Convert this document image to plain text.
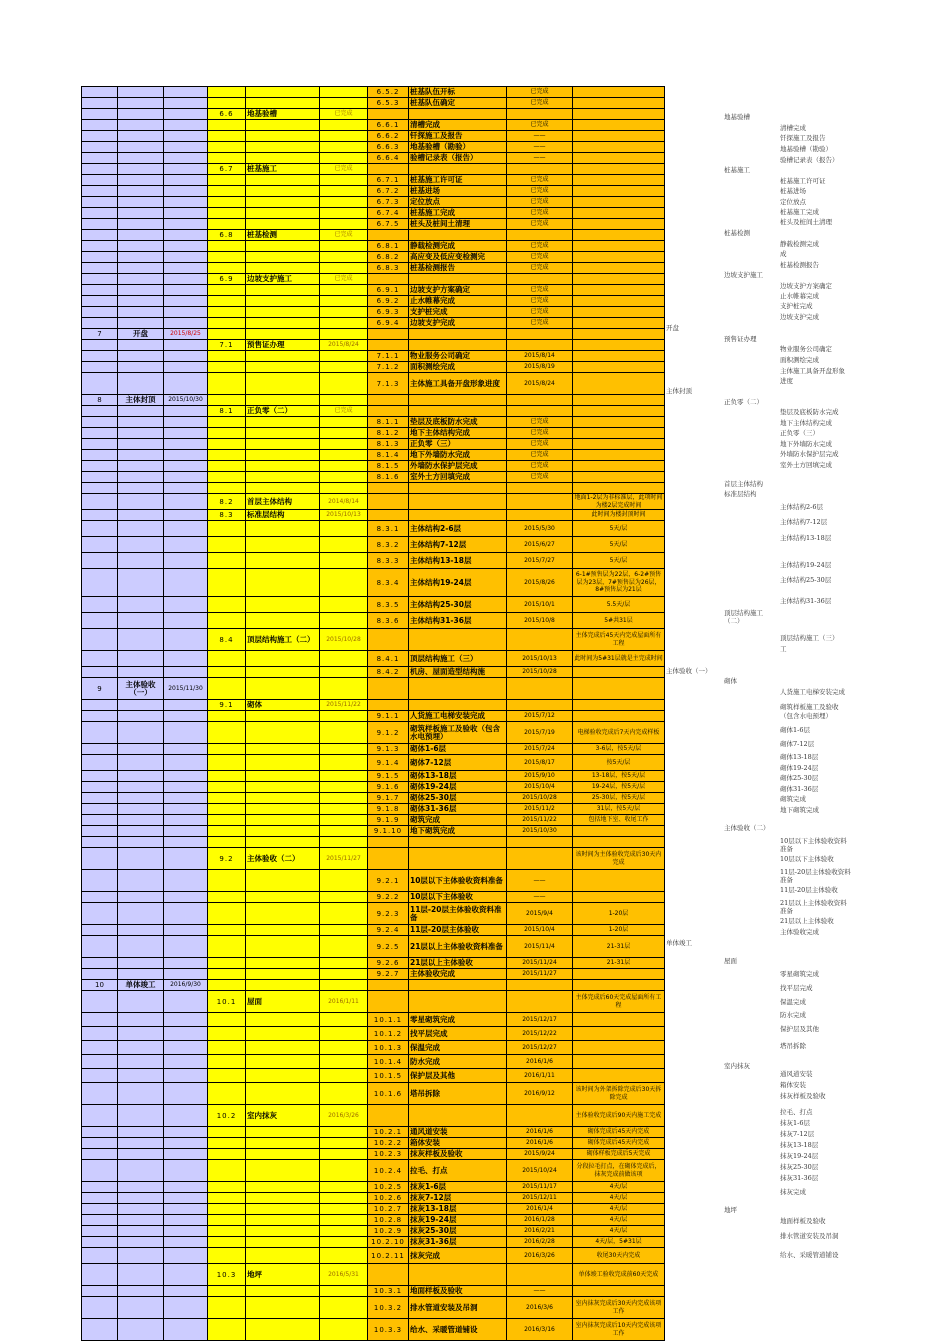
						6.5.2	桩基队伍开标	已完成	
						6.5.3	桩基队伍确定	已完成	
			6.6	地基验槽	已完成				
						6.6.1	清槽完成	已完成	
						6.6.2	钎探施工及报告	——	
						6.6.3	地基验槽（勘验）	——	
						6.6.4	验槽记录表（报告）	——	
			6.7	桩基施工	已完成				
						6.7.1	桩基施工许可证	已完成	
						6.7.2	桩基进场	已完成	
						6.7.3	定位放点	已完成	
						6.7.4	桩基施工完成	已完成	
						6.7.5	桩头及桩间土清理	已完成	
			6.8	桩基检测	已完成				
						6.8.1	静载检测完成	已完成	
						6.8.2	高应变及低应变检测完	已完成	
						6.8.3	桩基检测报告	已完成	
			6.9	边坡支护施工	已完成				
						6.9.1	边坡支护方案确定	已完成	
						6.9.2	止水帷幕完成	已完成	
						6.9.3	支护桩完成	已完成	
						6.9.4	边坡支护完成	已完成	
7	开盘	2015/8/25							
			7.1	预售证办理	2015/8/24				
						7.1.1	物业服务公司确定	2015/8/14	
						7.1.2	面积测绘完成	2015/8/19	
						7.1.3	主体施工具备开盘形象进度	2015/8/24	
8	主体封顶	2015/10/30							
			8.1	正负零（二）	已完成				
						8.1.1	垫层及底板防水完成	已完成	
						8.1.2	地下主体结构完成	已完成	
						8.1.3	正负零（三）	已完成	
						8.1.4	地下外墙防水完成	已完成	
						8.1.5	外墙防水保护层完成	已完成	
						8.1.6	室外土方回填完成	已完成	

			8.2	首层主体结构	2014/8/14				地面1-2层为非标准层，此项时间为楼2层完成时间
			8.3	标准层结构	2015/10/13				此时间为楼封顶时间
						8.3.1	主体结构2-6层	2015/5/30	5天/层
						8.3.2	主体结构7-12层	2015/6/27	5天/层
						8.3.3	主体结构13-18层	2015/7/27	5天/层
						8.3.4	主体结构19-24层	2015/8/26	6-1#预售层为22层，6-2#预售层为23层，7#预售层为26层，8#预售层为21层
						8.3.5	主体结构25-30层	2015/10/1	5.5天/层
						8.3.6	主体结构31-36层	2015/10/8	5#共31层
			8.4	顶层结构施工（二）	2015/10/28				主体完成后45天内完成屋面所有工程
						8.4.1	顶层结构施工（三）	2015/10/13	此时间为5#31层就是主完成时间
						8.4.2	机房、屋面造型结构施	2015/10/28	
9	主体验收（一）	2015/11/30							
			9.1	砌体	2015/11/22				
						9.1.1	人货施工电梯安装完成	2015/7/12	
						9.1.2	砌筑样板施工及验收（包含水电预埋）	2015/7/19	电梯验收完成后7天内完成样板
						9.1.3	砌体1-6层	2015/7/24	3-6层，按5天/层
						9.1.4	砌体7-12层	2015/8/17	按5天/层
						9.1.5	砌体13-18层	2015/9/10	13-18层，按5天/层
						9.1.6	砌体19-24层	2015/10/4	19-24层，按5天/层
						9.1.7	砌体25-30层	2015/10/28	25-30层，按5天/层
						9.1.8	砌体31-36层	2015/11/2	31层，按5天/层
						9.1.9	砌筑完成	2015/11/22	包括地下室、收尾工作
						9.1.10	地下砌筑完成	2015/10/30	

			9.2	主体验收（二）	2015/11/27				该时间为主体验收完成后30天内完成
						9.2.1	10层以下主体验收资料准备	——	
						9.2.2	10层以下主体验收	——	
						9.2.3	11层-20层主体验收资料准备	2015/9/4	1-20层
						9.2.4	11层-20层主体验收	2015/10/4	1-20层
						9.2.5	21层以上主体验收资料准备	2015/11/4	21-31层
						9.2.6	21层以上主体验收	2015/11/24	21-31层
						9.2.7	主体验收完成	2015/11/27	
10	单体竣工	2016/9/30							
			10.1	屋面	2016/1/11				主体完成后60天完成屋面所有工程
						10.1.1	零星砌筑完成	2015/12/17	
						10.1.2	找平层完成	2015/12/22	
						10.1.3	保温完成	2015/12/27	
						10.1.4	防水完成	2016/1/6	
						10.1.5	保护层及其他	2016/1/11	
						10.1.6	塔吊拆除	2016/9/12	该时间为外架拆除完成后30天拆除完成
			10.2	室内抹灰	2016/3/26				主体验收完成后90天内施工完成
						10.2.1	通风道安装	2016/1/6	砌体完成后45天内完成
						10.2.2	箱体安装	2016/1/6	砌体完成后45天内完成
						10.2.3	抹灰样板及验收	2015/9/24	砌体样板完成后5天完成
						10.2.4	拉毛、打点	2015/10/24	分段拉毛打点，在砌体完成后，抹灰完成前做该项
						10.2.5	抹灰1-6层	2015/11/17	4天/层
						10.2.6	抹灰7-12层	2015/12/11	4天/层
						10.2.7	抹灰13-18层	2016/1/4	4天/层
						10.2.8	抹灰19-24层	2016/1/28	4天/层
						10.2.9	抹灰25-30层	2016/2/21	4天/层
						10.2.10	抹灰31-36层	2016/2/28	4天/层，5#31层
						10.2.11	抹灰完成	2016/3/26	收尾30天内完成
			10.3	地坪	2016/5/31				单体竣工验收完成前60天完成
						10.3.1	地面样板及验收	——	
						10.3.2	排水管道安装及吊洞	2016/3/6	室内抹灰完成后30天内完成该项工作
						10.3.3	给水、采暖管道铺设	2016/3/16	室内抹灰完成后10天内完成该项工作
地基验槽
清槽完成
钎探施工及报告
地基验槽（勘验）
验槽记录表（报告）
桩基施工
桩基施工许可证
桩基进场
定位放点
桩基施工完成
桩头及桩间土清理
桩基检测
静载检测完成
成
桩基检测报告
边坡支护施工
边坡支护方案确定
止水帷幕完成
支护桩完成
边坡支护完成
开盘
预售证办理
物业服务公司确定
面积测绘完成
主体施工具备开盘形象
进度
主体封顶
正负零（二）
垫层及底板防水完成
地下主体结构完成
正负零（三）
地下外墙防水完成
外墙防水保护层完成
室外土方回填完成
首层主体结构
标准层结构
主体结构2-6层
主体结构7-12层
主体结构13-18层
主体结构19-24层
主体结构25-30层
主体结构31-36层
顶层结构施工
（二）
顶层结构施工（三）
工
主体验收（一）
砌体
人货施工电梯安装完成
砌筑样板施工及验收
（包含水电预埋）
砌体1-6层
砌体7-12层
砌体13-18层
砌体19-24层
砌体25-30层
砌体31-36层
砌筑完成
地下砌筑完成
主体验收（二）
10层以下主体验收资料
准备
10层以下主体验收
11层-20层主体验收资料
准备
11层-20层主体验收
21层以上主体验收资料
准备
21层以上主体验收
主体验收完成
单体竣工
屋面
零星砌筑完成
找平层完成
保温完成
防水完成
保护层及其他
塔吊拆除
室内抹灰
通风道安装
箱体安装
抹灰样板及验收
拉毛、打点
抹灰1-6层
抹灰7-12层
抹灰13-18层
抹灰19-24层
抹灰25-30层
抹灰31-36层
抹灰完成
地坪
地面样板及验收
排水管道安装及吊洞
给水、采暖管道铺设
